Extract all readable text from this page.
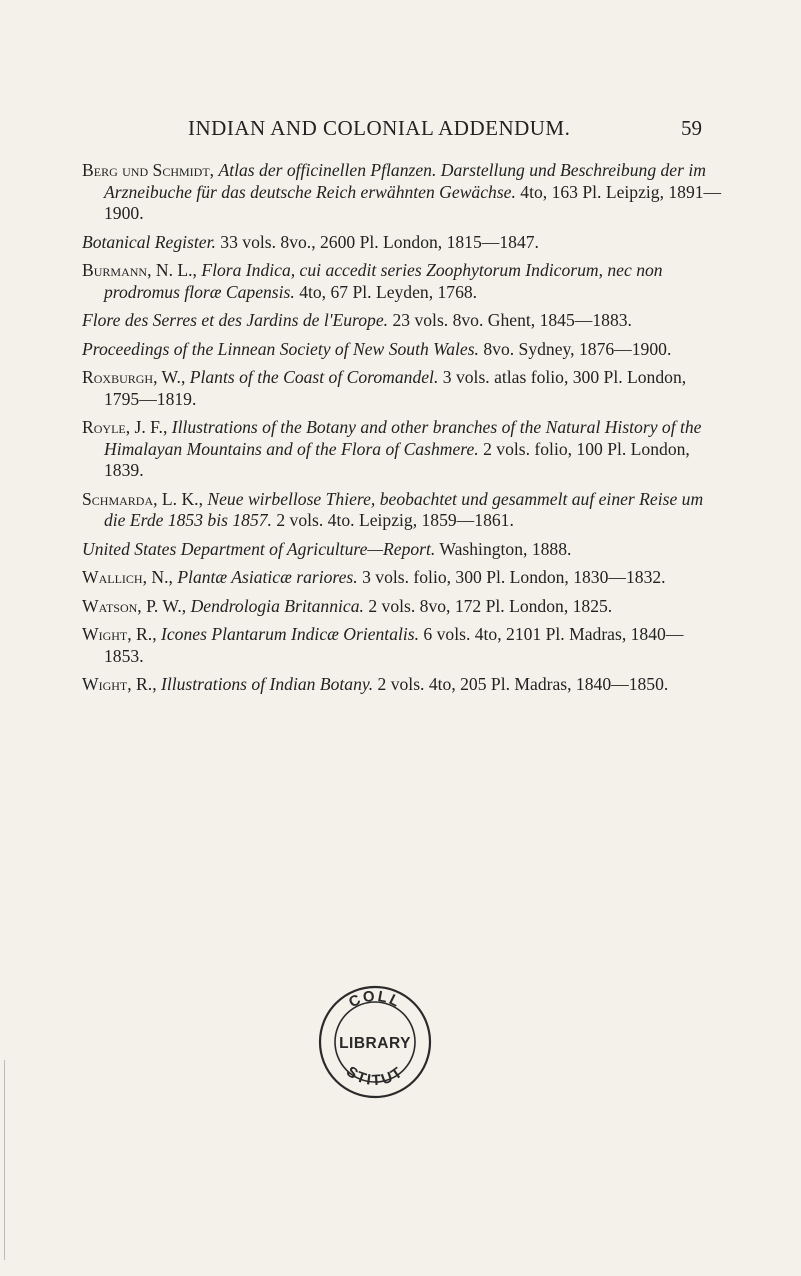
INDIAN AND COLONIAL ADDENDUM.	59

Berg und Schmidt, Atlas der officinellen Pflanzen. Darstellung und Beschreibung der im Arzneibuche für das deutsche Reich erwähnten Gewächse. 4to, 163 Pl. Leipzig, 1891—1900.

Botanical Register. 33 vols. 8vo., 2600 Pl. London, 1815—1847.

Burmann, N. L., Flora Indica, cui accedit series Zoophytorum Indicorum, nec non prodromus floræ Capensis. 4to, 67 Pl. Leyden, 1768.

Flore des Serres et des Jardins de l'Europe. 23 vols. 8vo. Ghent, 1845—1883.

Proceedings of the Linnean Society of New South Wales. 8vo. Sydney, 1876—1900.

Roxburgh, W., Plants of the Coast of Coromandel. 3 vols. atlas folio, 300 Pl. London, 1795—1819.

Royle, J. F., Illustrations of the Botany and other branches of the Natural History of the Himalayan Mountains and of the Flora of Cashmere. 2 vols. folio, 100 Pl. London, 1839.

Schmarda, L. K., Neue wirbellose Thiere, beobachtet und gesammelt auf einer Reise um die Erde 1853 bis 1857. 2 vols. 4to. Leipzig, 1859—1861.

United States Department of Agriculture—Report. Washington, 1888.

Wallich, N., Plantæ Asiaticæ rariores. 3 vols. folio, 300 Pl. London, 1830—1832.

Watson, P. W., Dendrologia Britannica. 2 vols. 8vo, 172 Pl. London, 1825.

Wight, R., Icones Plantarum Indicæ Orientalis. 6 vols. 4to, 2101 Pl. Madras, 1840—1853.

Wight, R., Illustrations of Indian Botany. 2 vols. 4to, 205 Pl. Madras, 1840—1850.

COLL
LIBRARY
STITUT
